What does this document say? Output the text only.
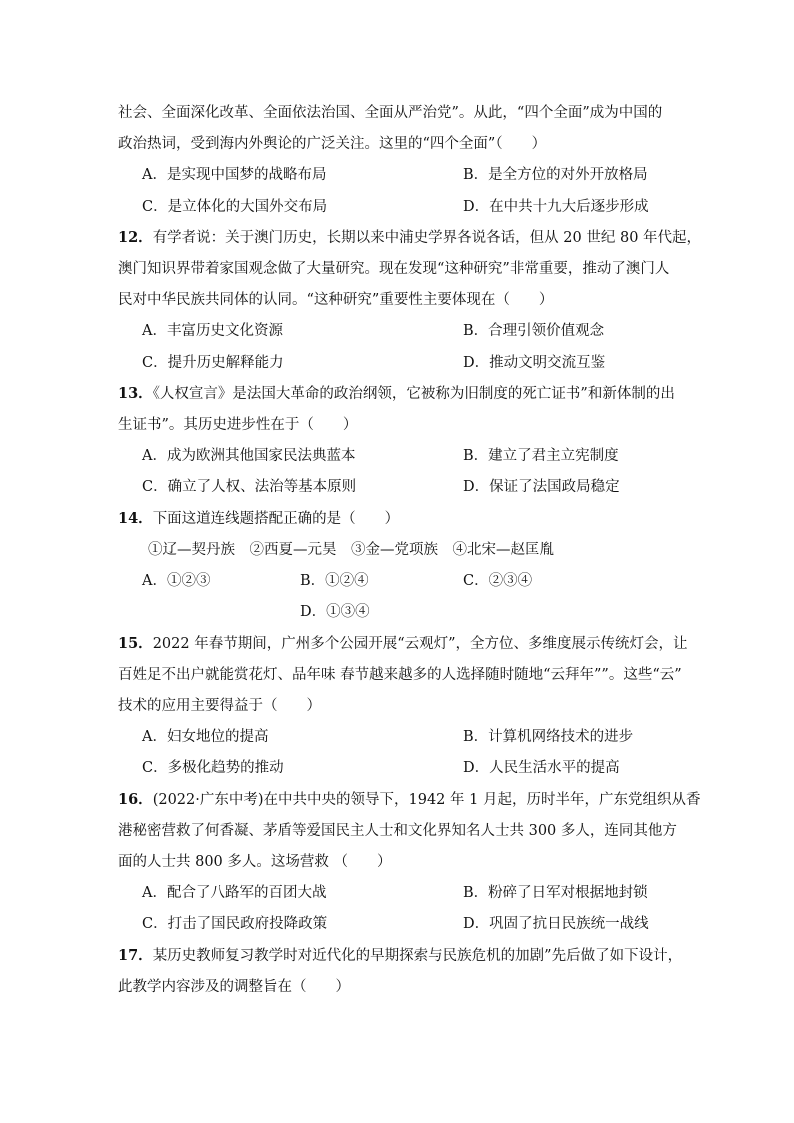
社会、全面深化改革、全面依法治国、全面从严治党”。从此，“四个全面”成为中国的
政治热词，受到海内外舆论的广泛关注。这里的“四个全面”（　　）
A．是实现中国梦的战略布局	B．是全方位的对外开放格局
C．是立体化的大国外交布局	D．在中共十九大后逐步形成
12．有学者说：关于澳门历史，长期以来中浦史学界各说各话，但从 20 世纪 80 年代起，
澳门知识界带着家国观念做了大量研究。现在发现“这种研究”非常重要，推动了澳门人
民对中华民族共同体的认同。“这种研究”重要性主要体现在（　　）
A．丰富历史文化资源	B．合理引领价值观念
C．提升历史解释能力	D．推动文明交流互鉴
13．《人权宣言》是法国大革命的政治纲领，它被称为旧制度的死亡证书”和新体制的出
生证书”。其历史进步性在于（　　）
A．成为欧洲其他国家民法典蓝本	B．建立了君主立宪制度
C．确立了人权、法治等基本原则	D．保证了法国政局稳定
14．下面这道连线题搭配正确的是（　　）
①辽—契丹族　②西夏—元昊　③金—党项族　④北宋—赵匡胤
A．①②③	B．①②④	C．②③④
D．①③④
15．2022 年春节期间，广州多个公园开展“云观灯”，全方位、多维度展示传统灯会，让
百姓足不出户就能赏花灯、品年味 春节越来越多的人选择随时随地“云拜年””。这些“云”
技术的应用主要得益于（　　）
A．妇女地位的提高	B．计算机网络技术的进步
C．多极化趋势的推动	D．人民生活水平的提高
16．(2022·广东中考)在中共中央的领导下，1942 年 1 月起，历时半年，广东党组织从香
港秘密营救了何香凝、茅盾等爱国民主人士和文化界知名人士共 300 多人，连同其他方
面的人士共 800 多人。这场营救 （　　）
A．配合了八路军的百团大战	B．粉碎了日军对根据地封锁
C．打击了国民政府投降政策	D．巩固了抗日民族统一战线
17．某历史教师复习教学时对近代化的早期探索与民族危机的加剧”先后做了如下设计，
此教学内容涉及的调整旨在（　　）
